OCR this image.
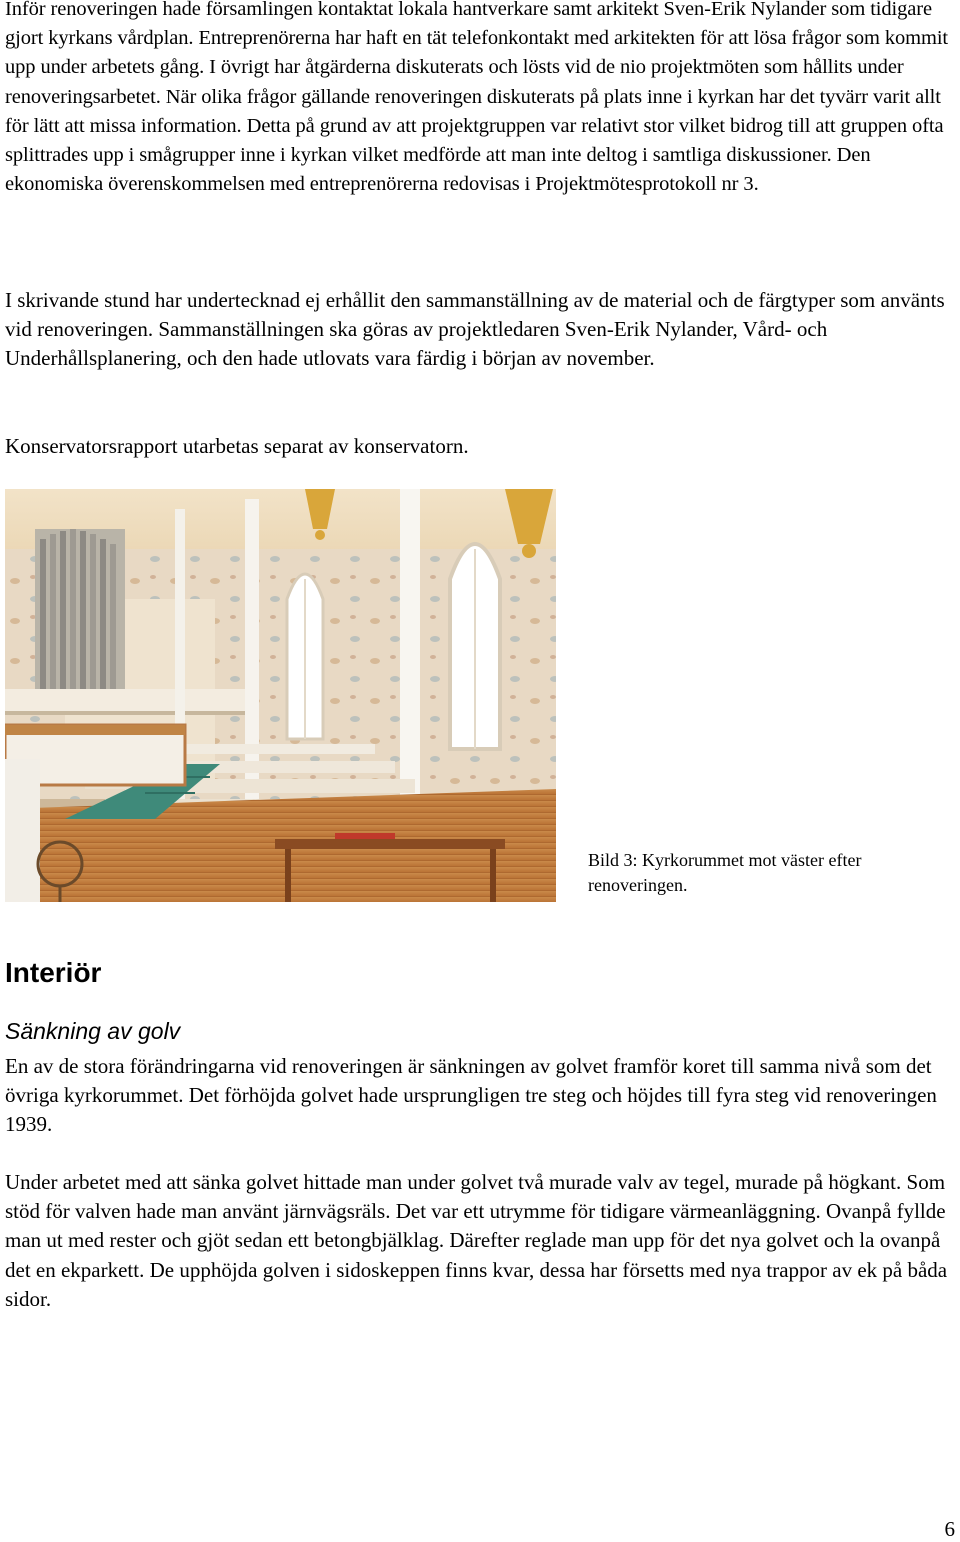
Inför renoveringen hade församlingen kontaktat lokala hantverkare samt arkitekt Sven-Erik Nylander som tidigare gjort kyrkans vårdplan. Entreprenörerna har haft en tät telefonkontakt med arkitekten för att lösa frågor som kommit upp under arbetets gång. I övrigt har åtgärderna diskuterats och lösts vid de nio projektmöten som hållits under renoveringsarbetet. När olika frågor gällande renoveringen diskuterats på plats inne i kyrkan har det tyvärr varit allt för lätt att missa information. Detta på grund av att projektgruppen var relativt stor vilket bidrog till att gruppen ofta splittrades upp i smågrupper inne i kyrkan vilket medförde att man inte deltog i samtliga diskussioner. Den ekonomiska överenskommelsen med entreprenörerna redovisas i Projektmötesprotokoll nr 3.

I skrivande stund har undertecknad ej erhållit den sammanställning av de material och de färgtyper som använts vid renoveringen. Sammanställningen ska göras av projektledaren Sven-Erik Nylander, Vård- och Underhållsplanering, och den hade utlovats vara färdig i början av november.

Konservatorsrapport utarbetas separat av konservatorn.

Bild 3: Kyrkorummet mot väster efter renoveringen.

Interiör
Sänkning av golv

En av de stora förändringarna vid renoveringen är sänkningen av golvet framför koret till samma nivå som det övriga kyrkorummet. Det förhöjda golvet hade ursprungligen tre steg och höjdes till fyra steg vid renoveringen 1939.

Under arbetet med att sänka golvet hittade man under golvet två murade valv av tegel, murade på högkant. Som stöd för valven hade man använt järnvägsräls. Det var ett utrymme för tidigare värmeanläggning. Ovanpå fyllde man ut med rester och gjöt sedan ett betongbjälklag. Därefter reglade man upp för det nya golvet och la ovanpå det en ekparkett. De upphöjda golven i sidoskeppen finns kvar, dessa har försetts med nya trappor av ek på båda sidor.

6
